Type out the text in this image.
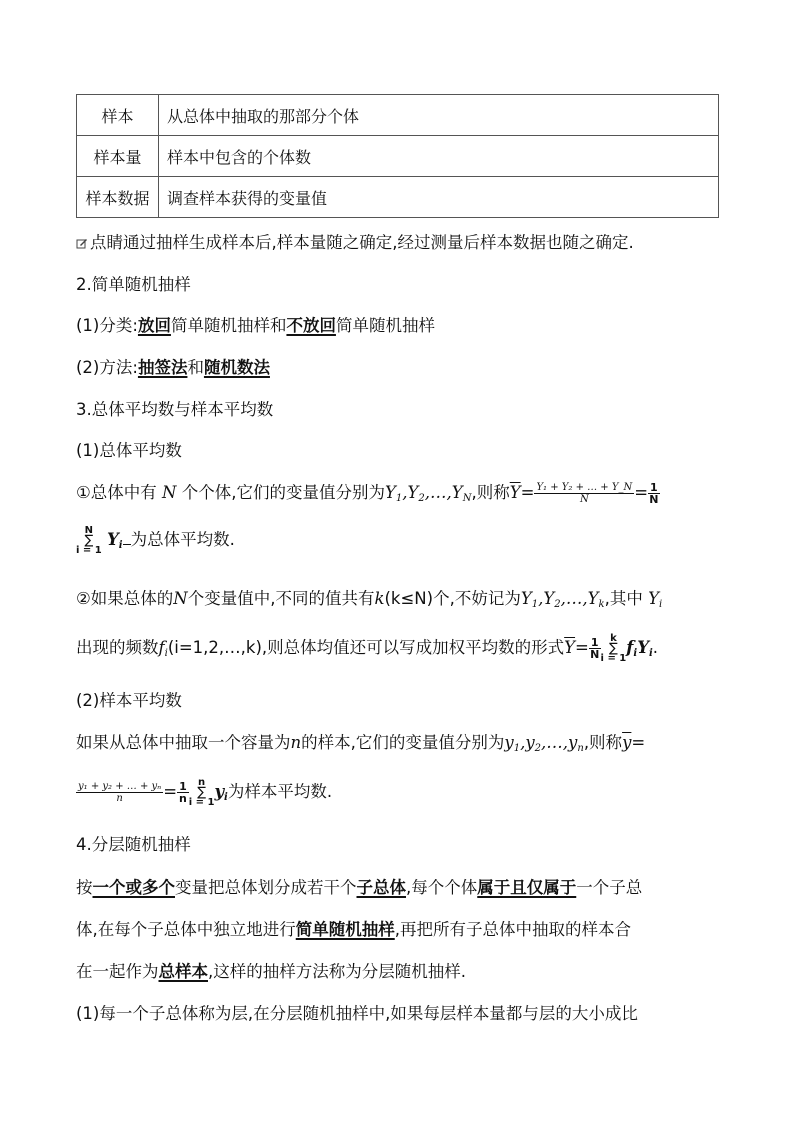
样本	从总体中抽取的那部分个体
样本量	样本中包含的个体数
样本数据	调查样本获得的变量值
点睛通过抽样生成样本后,样本量随之确定,经过测量后样本数据也随之确定.
2.简单随机抽样
(1)分类:放回简单随机抽样和不放回简单随机抽样
(2)方法:抽签法和随机数法
3.总体平均数与样本平均数
(1)总体平均数
①总体中有 N 个个体,它们的变量值分别为$Y_1,Y_2,\dots,Y_N$,则称$\overline{Y}= \frac{\text{Y₁ + Y₂ + … + Y\_N}}{N} = \frac{1}{N}$
N
∑
i = 1
$Y_i$ 为总体平均数.
②如果总体的N个变量值中,不同的值共有k(k≤N)个,不妨记为$Y_1,Y_2,\dots,Y_k$,其中 $Y_i$
出现的频数$f_i(i=1,2,\dots,k)$,则总体均值还可以写成加权平均数的形式$\overline{Y}= \frac{1}{N}$ k
∑
i = 1
$f_iY_i$.
(2)样本平均数
如果从总体中抽取一个容量为n的样本,它们的变量值分别为$y_1,y_2,\dots,y_n$,则称$\overline{y}=$
$\frac{\text{y₁ + y₂ + … + yₙ}}{n} = \frac{1}{n}$ n
∑
i = 1
$y_i$为样本平均数.
4.分层随机抽样
按一个或多个变量把总体划分成若干个子总体,每个个体属于且仅属于一个子总
体,在每个子总体中独立地进行简单随机抽样,再把所有子总体中抽取的样本合
在一起作为总样本,这样的抽样方法称为分层随机抽样.
(1)每一个子总体称为层,在分层随机抽样中,如果每层样本量都与层的大小成比
